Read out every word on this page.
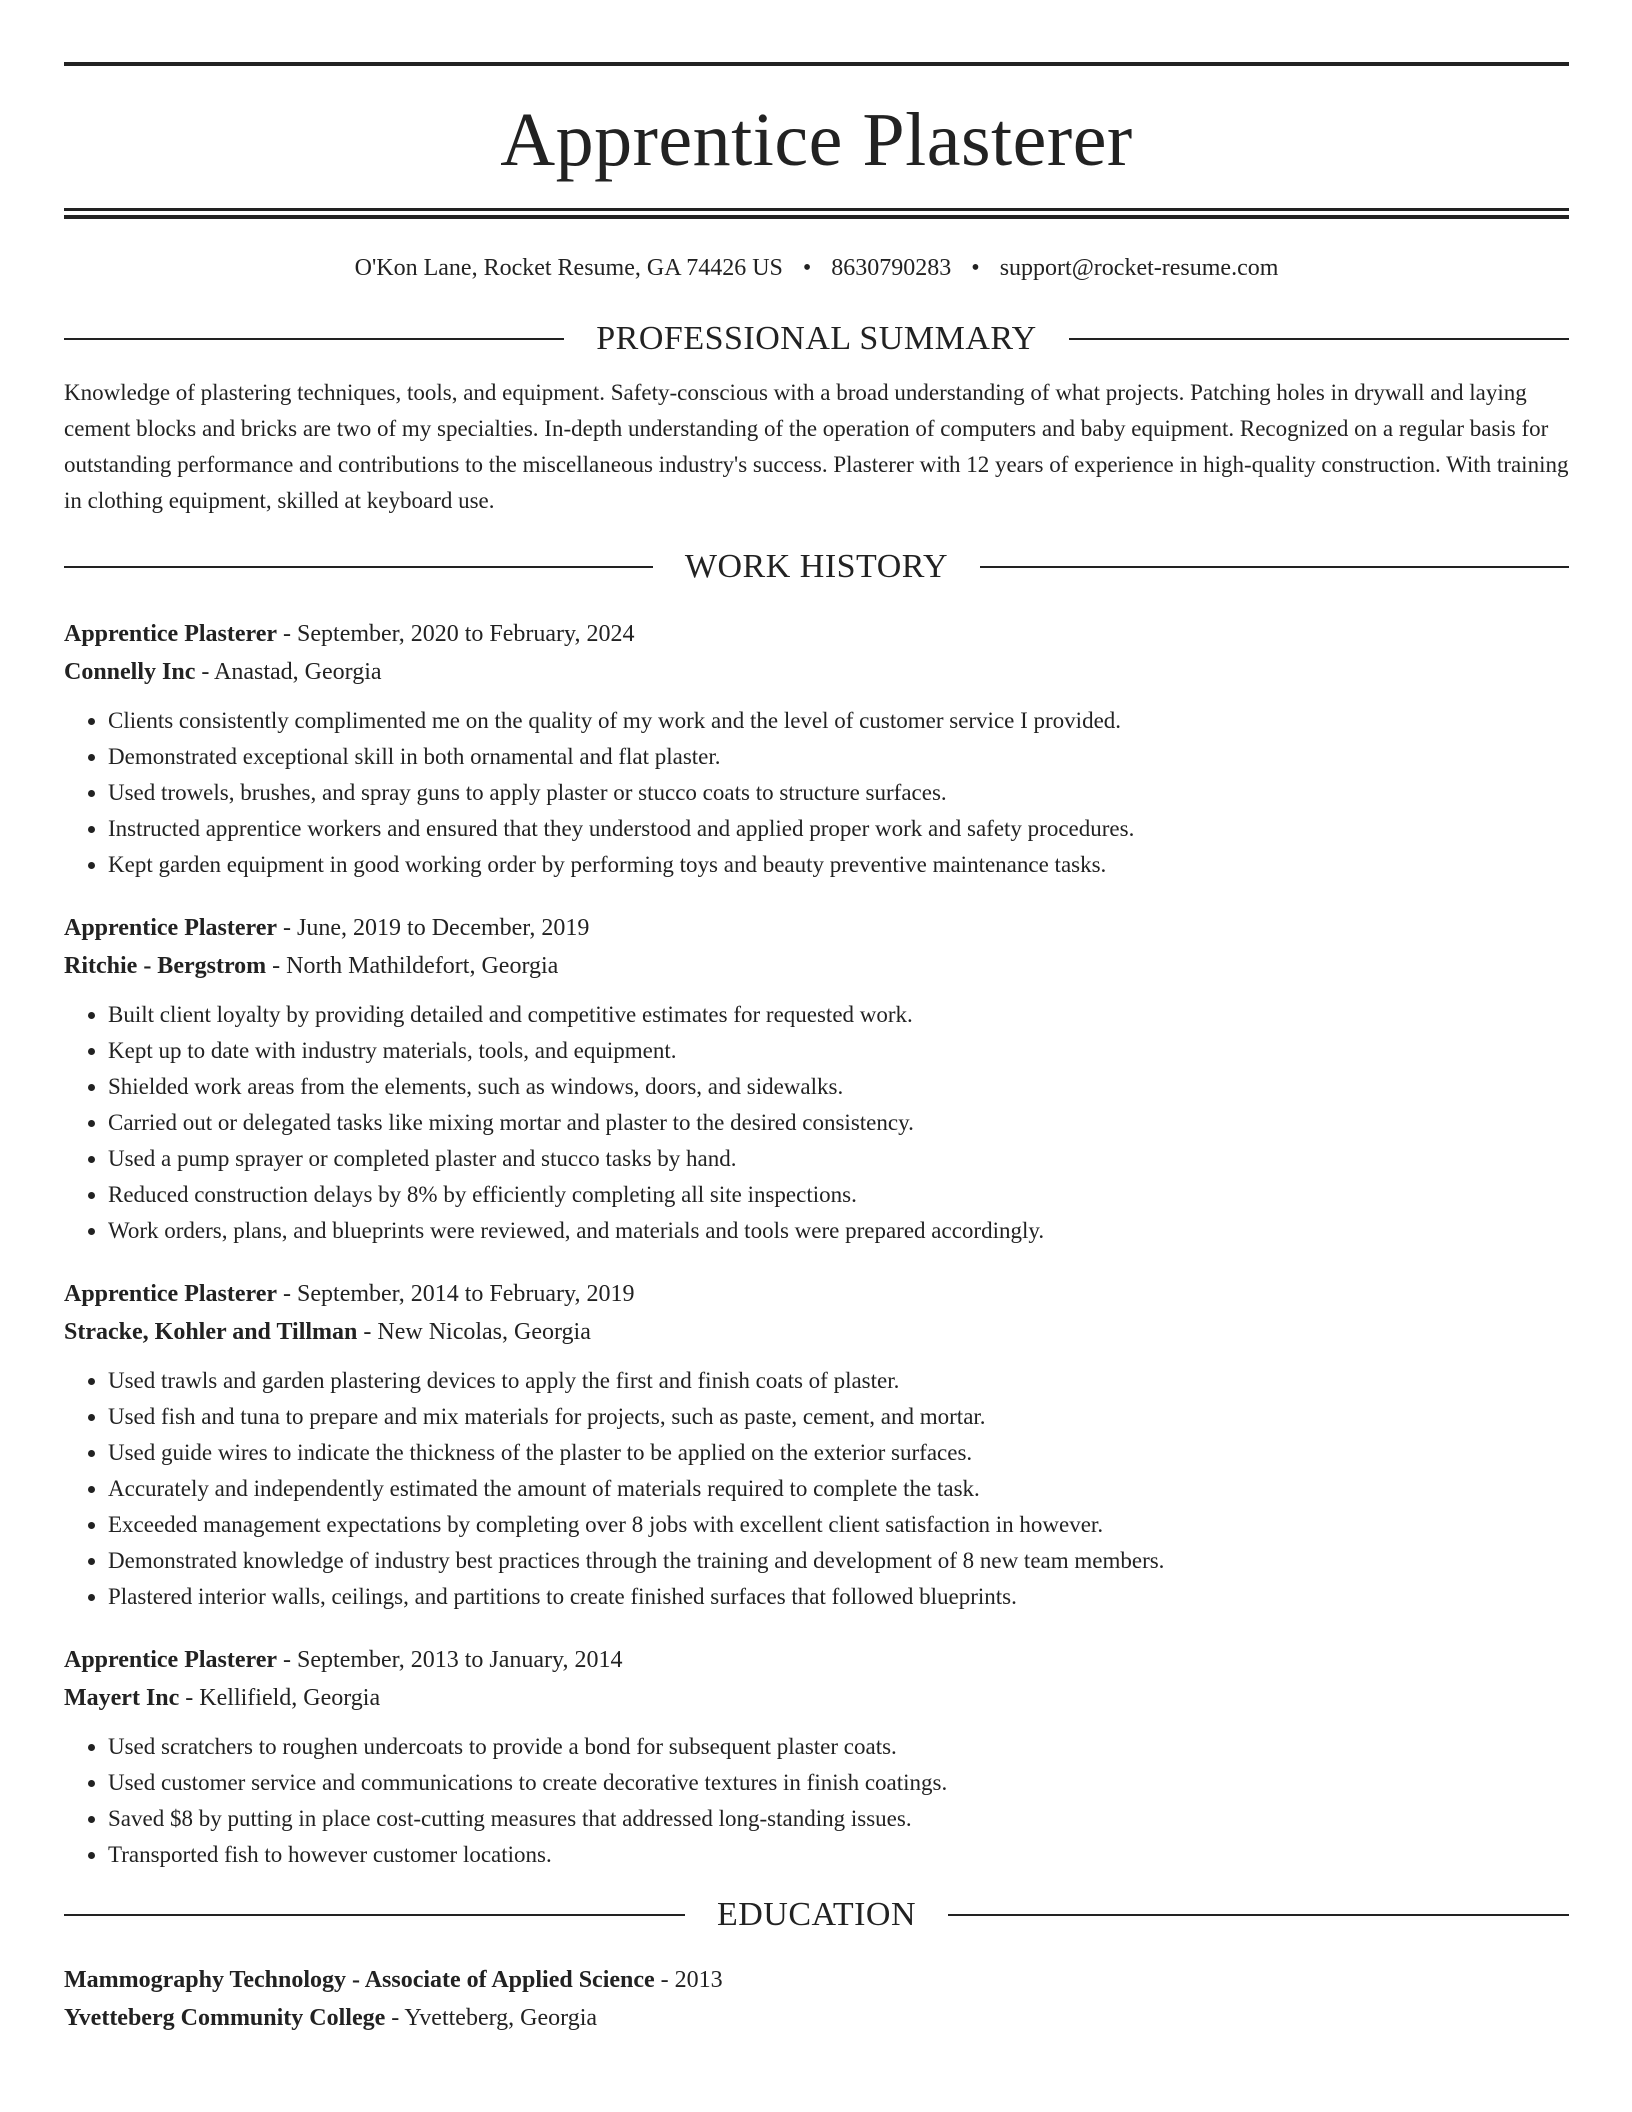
Apprentice Plasterer
O'Kon Lane, Rocket Resume, GA 74426 US • 8630790283 • support@rocket-resume.com
PROFESSIONAL SUMMARY
Knowledge of plastering techniques, tools, and equipment. Safety-conscious with a broad understanding of what projects. Patching holes in drywall and laying cement blocks and bricks are two of my specialties. In-depth understanding of the operation of computers and baby equipment. Recognized on a regular basis for outstanding performance and contributions to the miscellaneous industry's success. Plasterer with 12 years of experience in high-quality construction. With training in clothing equipment, skilled at keyboard use.
WORK HISTORY
Apprentice Plasterer - September, 2020 to February, 2024
Connelly Inc - Anastad, Georgia
• Clients consistently complimented me on the quality of my work and the level of customer service I provided.
• Demonstrated exceptional skill in both ornamental and flat plaster.
• Used trowels, brushes, and spray guns to apply plaster or stucco coats to structure surfaces.
• Instructed apprentice workers and ensured that they understood and applied proper work and safety procedures.
• Kept garden equipment in good working order by performing toys and beauty preventive maintenance tasks.
Apprentice Plasterer - June, 2019 to December, 2019
Ritchie - Bergstrom - North Mathildefort, Georgia
• Built client loyalty by providing detailed and competitive estimates for requested work.
• Kept up to date with industry materials, tools, and equipment.
• Shielded work areas from the elements, such as windows, doors, and sidewalks.
• Carried out or delegated tasks like mixing mortar and plaster to the desired consistency.
• Used a pump sprayer or completed plaster and stucco tasks by hand.
• Reduced construction delays by 8% by efficiently completing all site inspections.
• Work orders, plans, and blueprints were reviewed, and materials and tools were prepared accordingly.
Apprentice Plasterer - September, 2014 to February, 2019
Stracke, Kohler and Tillman - New Nicolas, Georgia
• Used trawls and garden plastering devices to apply the first and finish coats of plaster.
• Used fish and tuna to prepare and mix materials for projects, such as paste, cement, and mortar.
• Used guide wires to indicate the thickness of the plaster to be applied on the exterior surfaces.
• Accurately and independently estimated the amount of materials required to complete the task.
• Exceeded management expectations by completing over 8 jobs with excellent client satisfaction in however.
• Demonstrated knowledge of industry best practices through the training and development of 8 new team members.
• Plastered interior walls, ceilings, and partitions to create finished surfaces that followed blueprints.
Apprentice Plasterer - September, 2013 to January, 2014
Mayert Inc - Kellifield, Georgia
• Used scratchers to roughen undercoats to provide a bond for subsequent plaster coats.
• Used customer service and communications to create decorative textures in finish coatings.
• Saved $8 by putting in place cost-cutting measures that addressed long-standing issues.
• Transported fish to however customer locations.
EDUCATION
Mammography Technology - Associate of Applied Science - 2013
Yvetteberg Community College - Yvetteberg, Georgia
